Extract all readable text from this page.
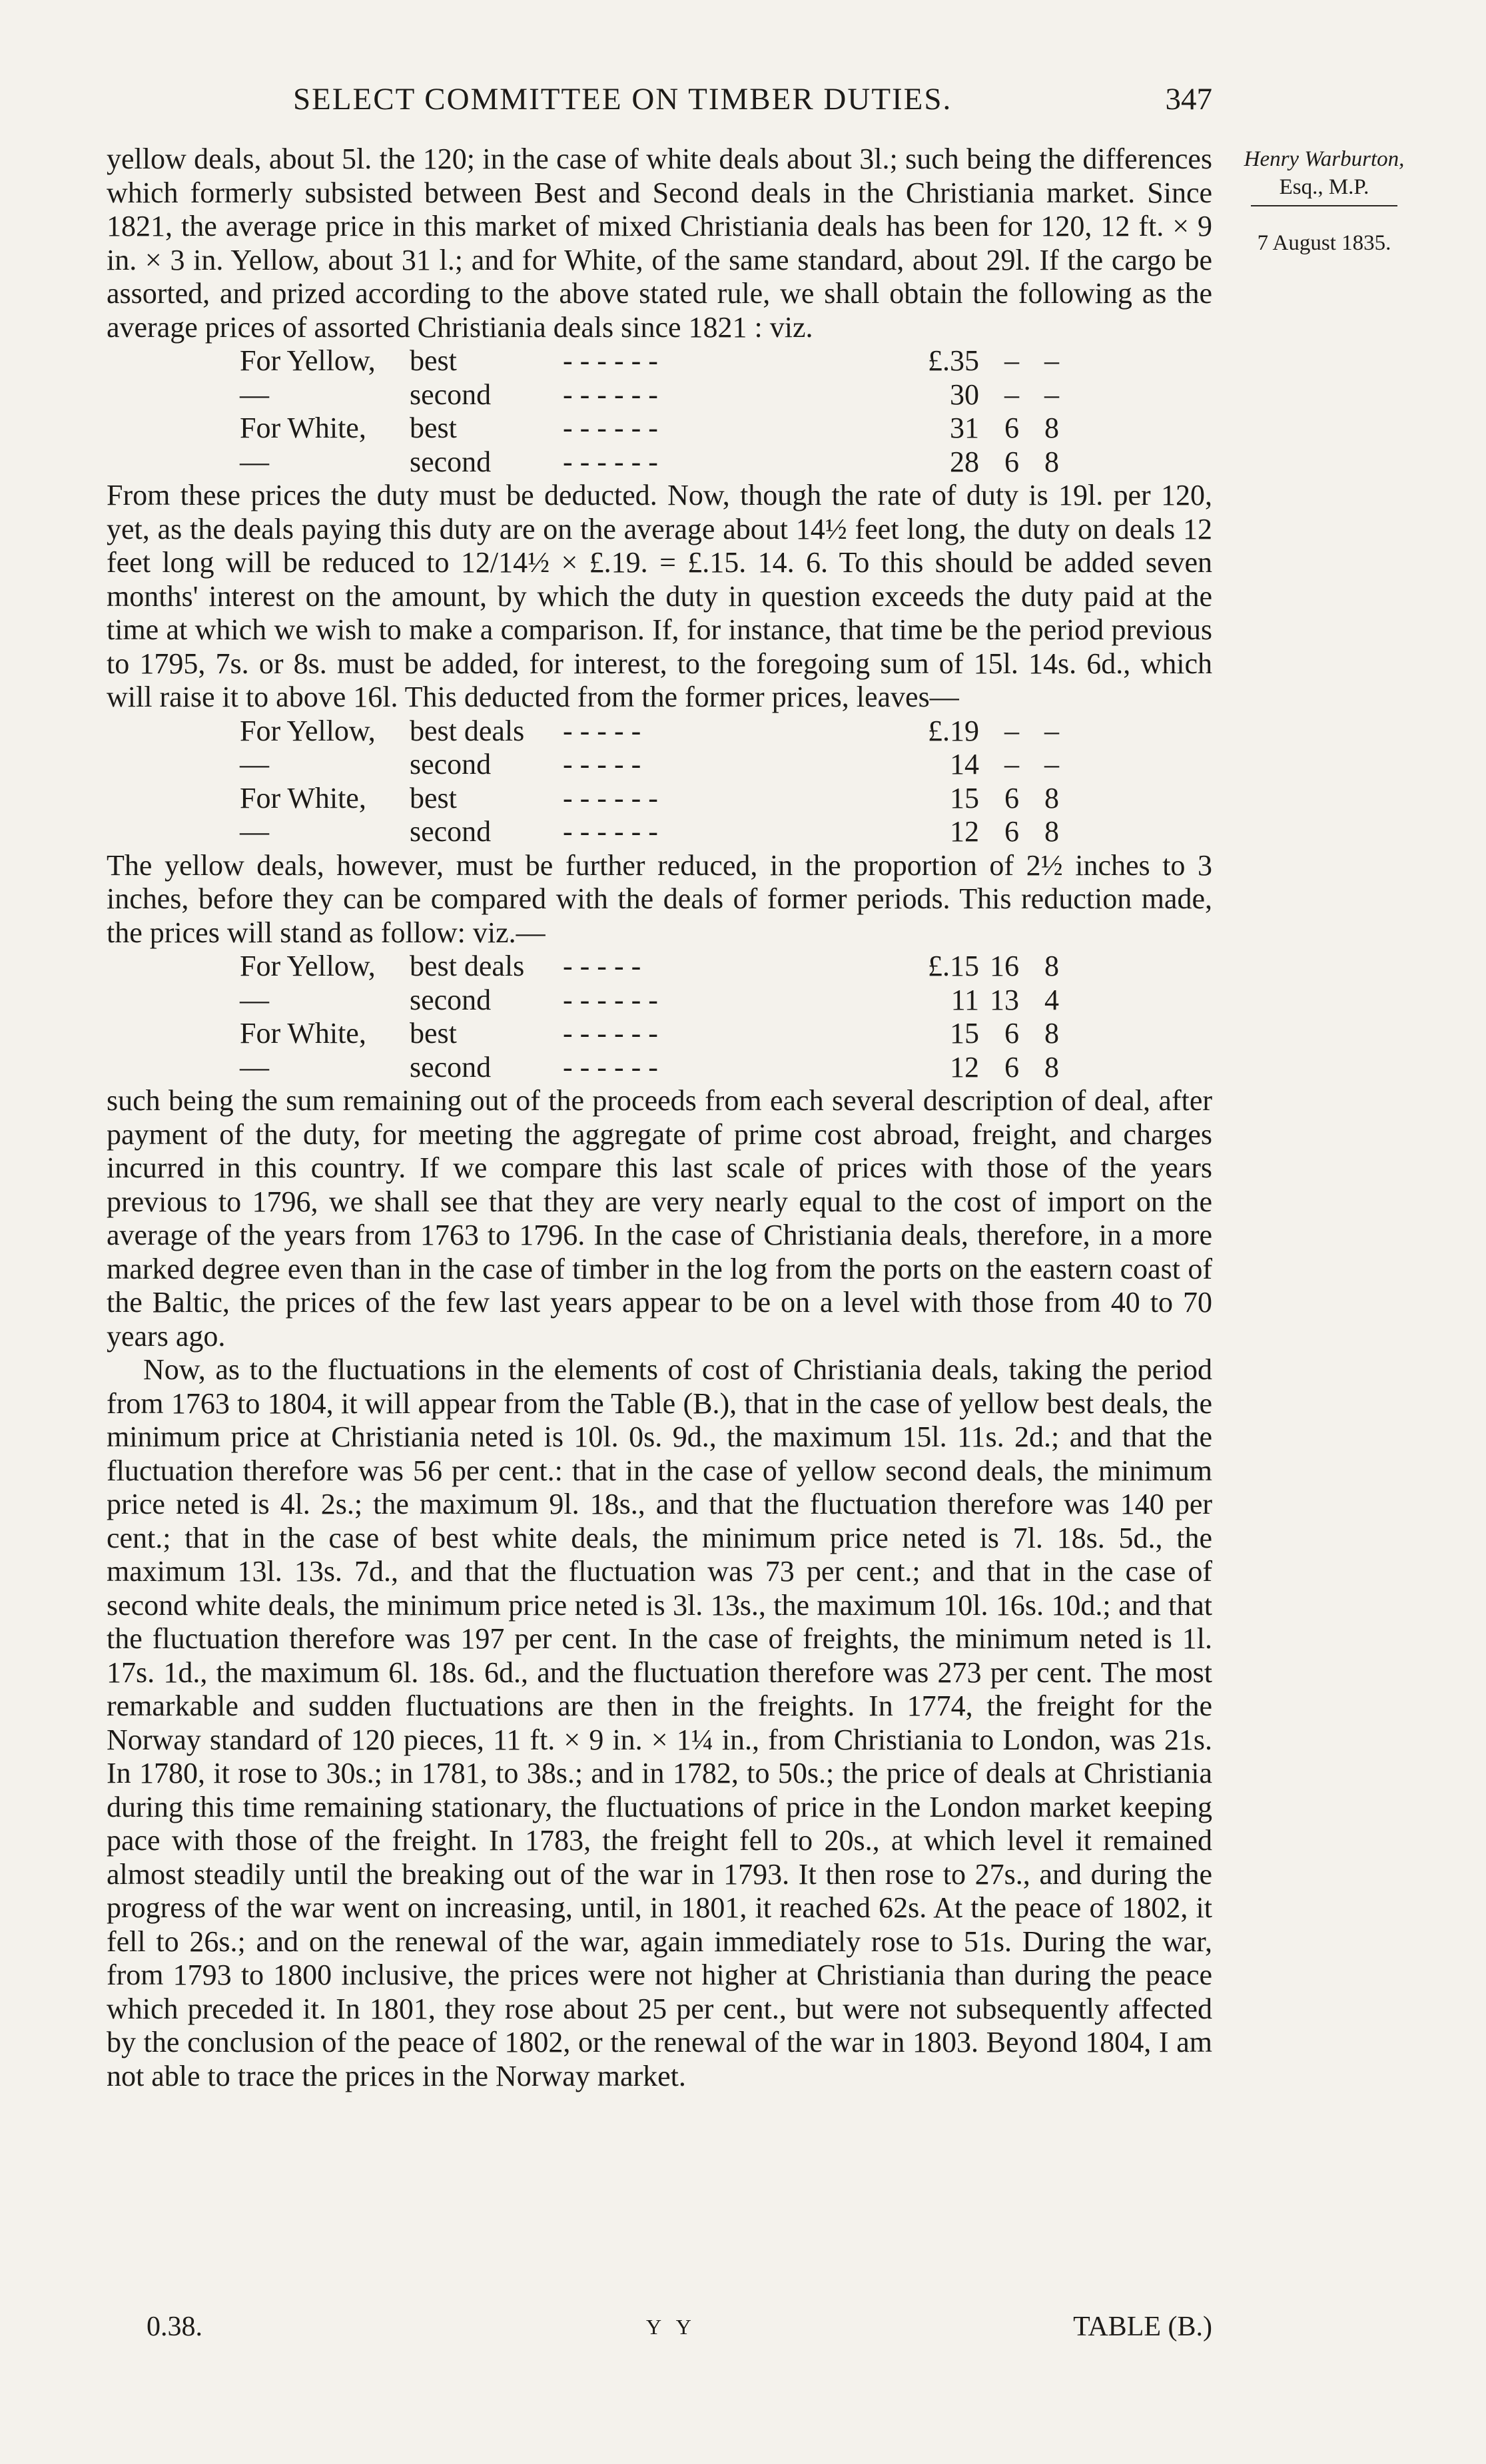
SELECT COMMITTEE ON TIMBER DUTIES.	347
Henry Warburton,
Esq., M.P.
7 August 1835.

yellow deals, about 5l. the 120; in the case of white deals about 3l.; such being the differences which formerly subsisted between Best and Second deals in the Christiania market. Since 1821, the average price in this market of mixed Christiania deals has been for 120, 12 ft. × 9 in. × 3 in. Yellow, about 31 l.; and for White, of the same standard, about 29l. If the cargo be assorted, and prized according to the above stated rule, we shall obtain the following as the average prices of assorted Christiania deals since 1821 : viz.

For Yellow,	best	- - - - - -	£.35	–	–
—	second	- - - - - -	30	–	–
For White,	best	- - - - - -	31	6	8
—	second	- - - - - -	28	6	8

From these prices the duty must be deducted. Now, though the rate of duty is 19l. per 120, yet, as the deals paying this duty are on the average about 14½ feet long, the duty on deals 12 feet long will be reduced to 12/14½ × £.19. = £.15. 14. 6. To this should be added seven months' interest on the amount, by which the duty in question exceeds the duty paid at the time at which we wish to make a comparison. If, for instance, that time be the period previous to 1795, 7s. or 8s. must be added, for interest, to the foregoing sum of 15l. 14s. 6d., which will raise it to above 16l. This deducted from the former prices, leaves—

For Yellow,	best deals	- - - - -	£.19	–	–
—	second	- - - - -	14	–	–
For White,	best	- - - - - -	15	6	8
—	second	- - - - - -	12	6	8

The yellow deals, however, must be further reduced, in the proportion of 2½ inches to 3 inches, before they can be compared with the deals of former periods. This reduction made, the prices will stand as follow: viz.—

For Yellow,	best deals	- - - - -	£.15	16	8
—	second	- - - - - -	11	13	4
For White,	best	- - - - - -	15	6	8
—	second	- - - - - -	12	6	8

such being the sum remaining out of the proceeds from each several description of deal, after payment of the duty, for meeting the aggregate of prime cost abroad, freight, and charges incurred in this country. If we compare this last scale of prices with those of the years previous to 1796, we shall see that they are very nearly equal to the cost of import on the average of the years from 1763 to 1796. In the case of Christiania deals, therefore, in a more marked degree even than in the case of timber in the log from the ports on the eastern coast of the Baltic, the prices of the few last years appear to be on a level with those from 40 to 70 years ago.

Now, as to the fluctuations in the elements of cost of Christiania deals, taking the period from 1763 to 1804, it will appear from the Table (B.), that in the case of yellow best deals, the minimum price at Christiania neted is 10l. 0s. 9d., the maximum 15l. 11s. 2d.; and that the fluctuation therefore was 56 per cent.: that in the case of yellow second deals, the minimum price neted is 4l. 2s.; the maximum 9l. 18s., and that the fluctuation therefore was 140 per cent.; that in the case of best white deals, the minimum price neted is 7l. 18s. 5d., the maximum 13l. 13s. 7d., and that the fluctuation was 73 per cent.; and that in the case of second white deals, the minimum price neted is 3l. 13s., the maximum 10l. 16s. 10d.; and that the fluctuation therefore was 197 per cent. In the case of freights, the minimum neted is 1l. 17s. 1d., the maximum 6l. 18s. 6d., and the fluctuation therefore was 273 per cent. The most remarkable and sudden fluctuations are then in the freights. In 1774, the freight for the Norway standard of 120 pieces, 11 ft. × 9 in. × 1¼ in., from Christiania to London, was 21s. In 1780, it rose to 30s.; in 1781, to 38s.; and in 1782, to 50s.; the price of deals at Christiania during this time remaining stationary, the fluctuations of price in the London market keeping pace with those of the freight. In 1783, the freight fell to 20s., at which level it remained almost steadily until the breaking out of the war in 1793. It then rose to 27s., and during the progress of the war went on increasing, until, in 1801, it reached 62s. At the peace of 1802, it fell to 26s.; and on the renewal of the war, again immediately rose to 51s. During the war, from 1793 to 1800 inclusive, the prices were not higher at Christiania than during the peace which preceded it. In 1801, they rose about 25 per cent., but were not subsequently affected by the conclusion of the peace of 1802, or the renewal of the war in 1803. Beyond 1804, I am not able to trace the prices in the Norway market.

0.38.	Y Y	TABLE (B.)
